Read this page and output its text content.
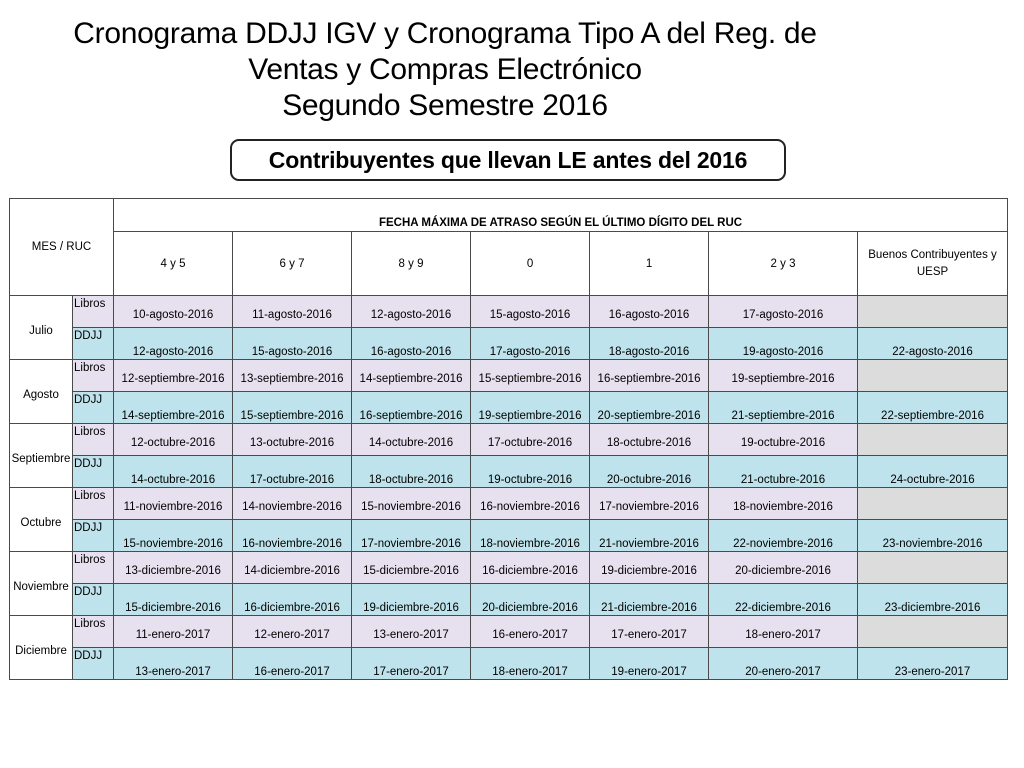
Cronograma DDJJ IGV y Cronograma Tipo A del Reg. de
Ventas y Compras Electrónico
Segundo Semestre 2016
Contribuyentes que llevan LE antes del 2016
MES / RUC		FECHA MÁXIMA DE ATRASO SEGÚN EL ÚLTIMO DÍGITO DEL RUC						
		4 y 5	6 y 7	8 y 9	0	1	2 y 3	Buenos Contribuyentes y UESP
Julio	Libros	10-agosto-2016	11-agosto-2016	12-agosto-2016	15-agosto-2016	16-agosto-2016	17-agosto-2016	
	DDJJ	12-agosto-2016	15-agosto-2016	16-agosto-2016	17-agosto-2016	18-agosto-2016	19-agosto-2016	22-agosto-2016
Agosto	Libros	12-septiembre-2016	13-septiembre-2016	14-septiembre-2016	15-septiembre-2016	16-septiembre-2016	19-septiembre-2016	
	DDJJ	14-septiembre-2016	15-septiembre-2016	16-septiembre-2016	19-septiembre-2016	20-septiembre-2016	21-septiembre-2016	22-septiembre-2016
Septiembre	Libros	12-octubre-2016	13-octubre-2016	14-octubre-2016	17-octubre-2016	18-octubre-2016	19-octubre-2016	
	DDJJ	14-octubre-2016	17-octubre-2016	18-octubre-2016	19-octubre-2016	20-octubre-2016	21-octubre-2016	24-octubre-2016
Octubre	Libros	11-noviembre-2016	14-noviembre-2016	15-noviembre-2016	16-noviembre-2016	17-noviembre-2016	18-noviembre-2016	
	DDJJ	15-noviembre-2016	16-noviembre-2016	17-noviembre-2016	18-noviembre-2016	21-noviembre-2016	22-noviembre-2016	23-noviembre-2016
Noviembre	Libros	13-diciembre-2016	14-diciembre-2016	15-diciembre-2016	16-diciembre-2016	19-diciembre-2016	20-diciembre-2016	
	DDJJ	15-diciembre-2016	16-diciembre-2016	19-diciembre-2016	20-diciembre-2016	21-diciembre-2016	22-diciembre-2016	23-diciembre-2016
Diciembre	Libros	11-enero-2017	12-enero-2017	13-enero-2017	16-enero-2017	17-enero-2017	18-enero-2017	
	DDJJ	13-enero-2017	16-enero-2017	17-enero-2017	18-enero-2017	19-enero-2017	20-enero-2017	23-enero-2017
